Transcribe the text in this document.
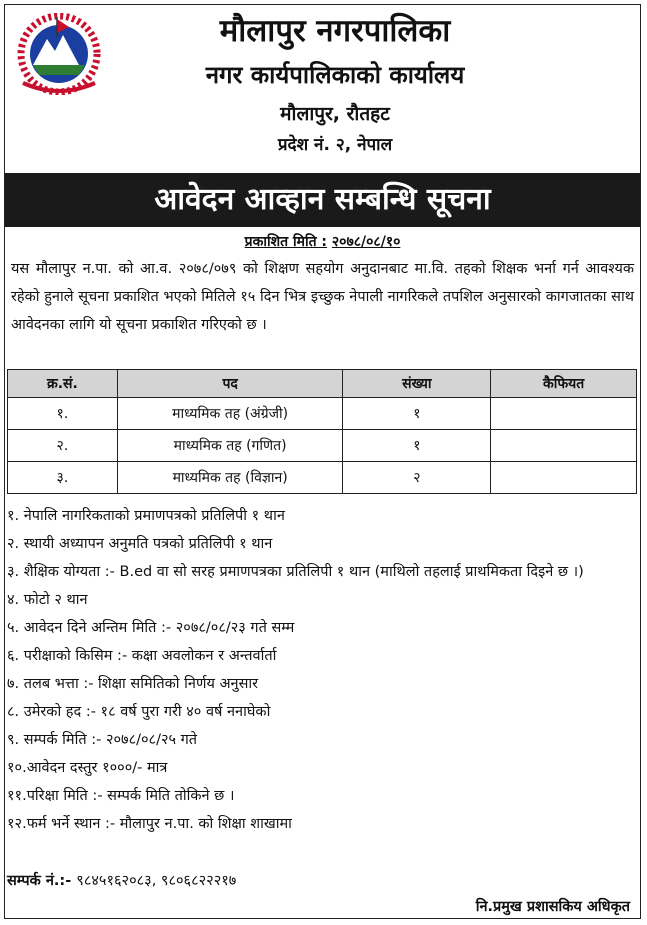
मौलापुर नगरपालिका
नगर कार्यपालिकाको कार्यालय
मौलापुर, रौतहट
प्रदेश नं. २, नेपाल
आवेदन आव्हान सम्बन्धि सूचना
प्रकाशित मिति : २०७८/०८/१०
यस मौलापुर न.पा. को आ.व. २०७८/०७९ को शिक्षण सहयोग अनुदानबाट मा.वि. तहको शिक्षक भर्ना गर्न आवश्यक रहेको हुनाले सूचना प्रकाशित भएको मितिले १५ दिन भित्र इच्छुक नेपाली नागरिकले तपशिल अनुसारको कागजातका साथ आवेदनका लागि यो सूचना प्रकाशित गरिएको छ ।
क्र.सं.	पद	संख्या	कैफियत
१.	माध्यमिक तह (अंग्रेजी)	१	
२.	माध्यमिक तह (गणित)	१	
३.	माध्यमिक तह (विज्ञान)	२	
१. नेपालि नागरिकताको प्रमाणपत्रको प्रतिलिपी १ थान
२. स्थायी अध्यापन अनुमति पत्रको प्रतिलिपी १ थान
३. शैक्षिक योग्यता :- B.ed वा सो सरह प्रमाणपत्रका प्रतिलिपी १ थान (माथिलो तहलाई प्राथमिकता दिइने छ ।)
४. फोटो २ थान
५. आवेदन दिने अन्तिम मिति :- २०७८/०८/२३ गते सम्म
६. परीक्षाको किसिम :- कक्षा अवलोकन र अन्तर्वार्ता
७. तलब भत्ता :- शिक्षा समितिको निर्णय अनुसार
८. उमेरको हद :- १८ वर्ष पुरा गरी ४० वर्ष ननाघेको
९. सम्पर्क मिति :- २०७८/०८/२५ गते
१०.आवेदन दस्तुर १०००/- मात्र
११.परिक्षा मिति :- सम्पर्क मिति तोकिने छ ।
१२.फर्म भर्ने स्थान :- मौलापुर न.पा. को शिक्षा शाखामा
सम्पर्क नं.:- ९८४५१६२०८३, ९८०६८२२२१७
नि.प्रमुख प्रशासकिय अधिकृत
